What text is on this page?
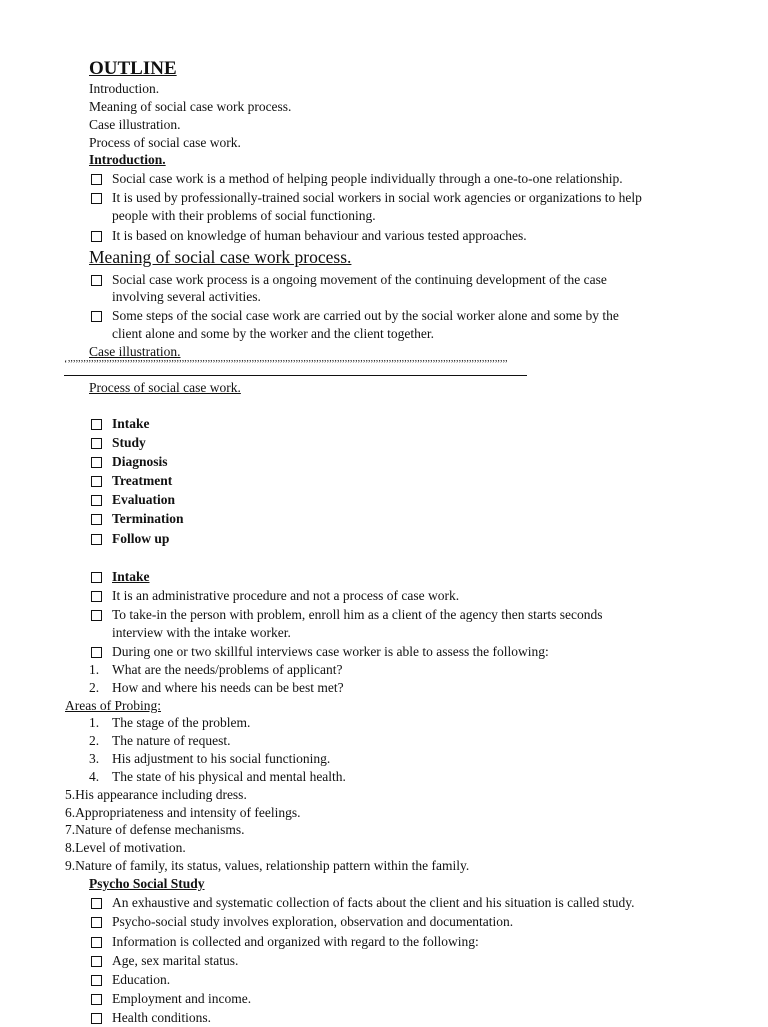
OUTLINE
Introduction.
Meaning of social case work process.
Case illustration.
Process of social case work.
Introduction.
Social case work is a method of helping people individually through a one-to-one relationship.
It is used by professionally-trained social workers in social work agencies or organizations to help
people with their problems of social functioning.
It is based on knowledge of human behaviour and various tested approaches.
Meaning of social case work process.
Social case work process is a ongoing movement of the continuing development of the case
involving several activities.
Some steps of the social case work are carried out by the social worker alone and some by the
client alone and some by the worker and the client together.
Case illustration.
‘’’’’’’’’’’’’’’’’’’’’’’’’’’’’’’’’’’’’’’’’’’’’’’’’’’’’’’’’’’’’’’’’’’’’’’’’’’’’’’’’’’’’’’’’’’’’’’’’’’’’’’’’’’’’’’’’’’’’’’’’’’’’’’’’’’’’’’’’’’’’’’’’’’’’’’’’’’’’’’’’’’’’’’’’’’
Process of social case work.
Intake
Study
Diagnosis
Treatment
Evaluation
Termination
Follow up
Intake
It is an administrative procedure and not a process of case work.
To take-in the person with problem, enroll him as a client of the agency then starts seconds
interview with the intake worker.
During one or two skillful interviews case worker is able to assess the following:
1. What are the needs/problems of applicant?
2. How and where his needs can be best met?
Areas of Probing:
1. The stage of the problem.
2. The nature of request.
3. His adjustment to his social functioning.
4. The state of his physical and mental health.
5.His appearance including dress.
6.Appropriateness and intensity of feelings.
7.Nature of defense mechanisms.
8.Level of motivation.
9.Nature of family, its status, values, relationship pattern within the family.
Psycho Social Study
An exhaustive and systematic collection of facts about the client and his situation is called study.
Psycho-social study involves exploration, observation and documentation.
Information is collected and organized with regard to the following:
Age, sex marital status.
Education.
Employment and income.
Health conditions.
